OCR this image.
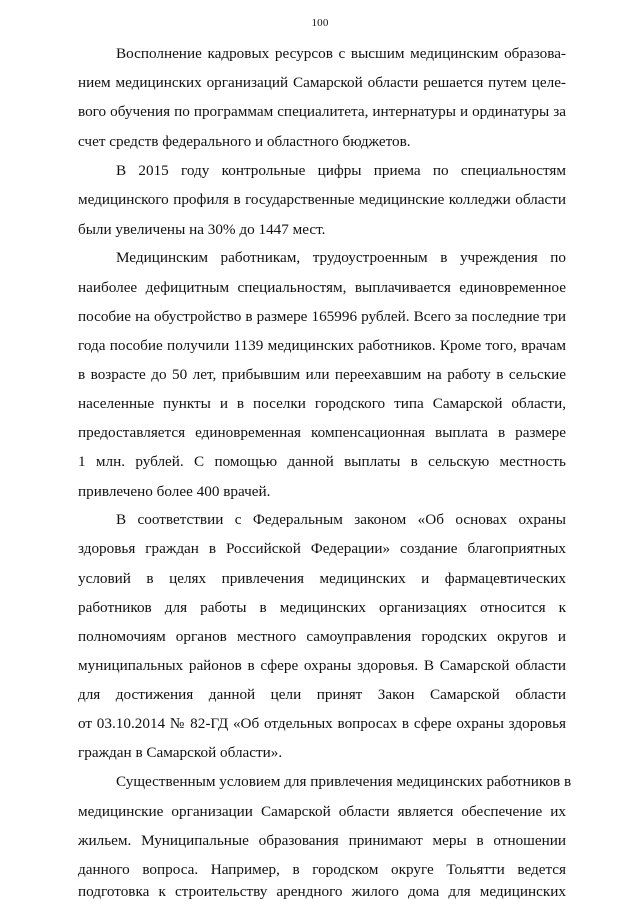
100
Восполнение кадровых ресурсов с высшим медицинским образова-
нием медицинских организаций Самарской области решается путем целе-
вого обучения по программам специалитета, интернатуры и ординатуры за
счет средств федерального и областного бюджетов.
В 2015 году контрольные цифры приема по специальностям
медицинского профиля в государственные медицинские колледжи области
были увеличены на 30% до 1447 мест.
Медицинским работникам, трудоустроенным в учреждения по
наиболее дефицитным специальностям, выплачивается единовременное
пособие на обустройство в размере 165996 рублей. Всего за последние три
года пособие получили 1139 медицинских работников. Кроме того, врачам
в возрасте до 50 лет, прибывшим или переехавшим на работу в сельские
населенные пункты и в поселки городского типа Самарской области,
предоставляется единовременная компенсационная выплата в размере
1 млн. рублей. С помощью данной выплаты в сельскую местность
привлечено более 400 врачей.
В соответствии с Федеральным законом «Об основах охраны
здоровья граждан в Российской Федерации» создание благоприятных
условий в целях привлечения медицинских и фармацевтических
работников для работы в медицинских организациях относится к
полномочиям органов местного самоуправления городских округов и
муниципальных районов в сфере охраны здоровья. В Самарской области
для достижения данной цели принят Закон Самарской области
от 03.10.2014 № 82-ГД «Об отдельных вопросах в сфере охраны здоровья
граждан в Самарской области».
Существенным условием для привлечения медицинских работников в
медицинские организации Самарской области является обеспечение их
жильем. Муниципальные образования принимают меры в отношении
данного вопроса. Например, в городском округе Тольятти ведется
подготовка к строительству арендного жилого дома для медицинских
